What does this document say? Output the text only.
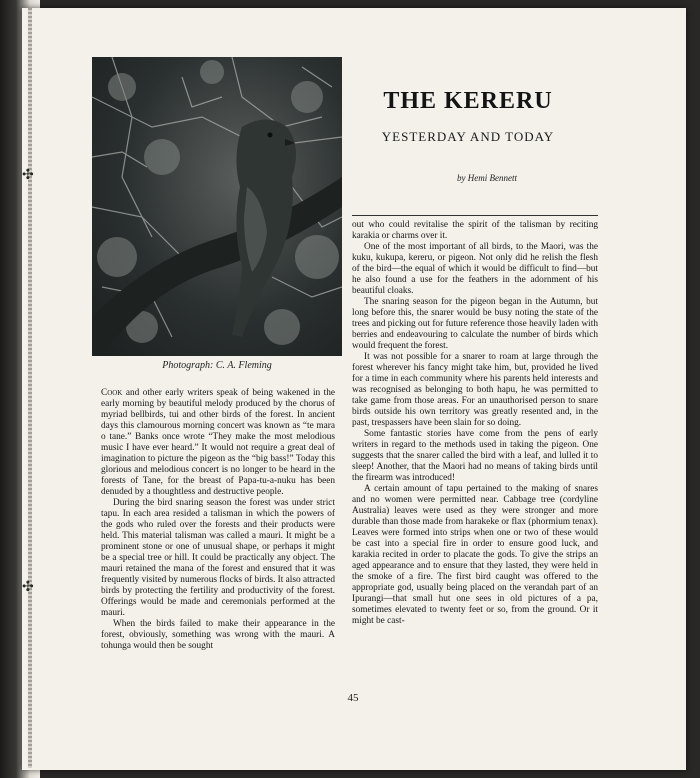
✣
✣
Photograph: C. A. Fleming
THE KERERU
YESTERDAY AND TODAY
by Hemi Bennett

Cook and other early writers speak of being wakened in the early morning by beautiful melody produced by the chorus of myriad bellbirds, tui and other birds of the forest. In ancient days this clamourous morning concert was known as “te mara o tane.” Banks once wrote “They make the most melodious music I have ever heard.” It would not require a great deal of imagination to picture the pigeon as the “big bass!” Today this glorious and melodious concert is no longer to be heard in the forests of Tane, for the breast of Papa-tu-a-nuku has been denuded by a thoughtless and destructive people.

During the bird snaring season the forest was under strict tapu. In each area resided a talisman in which the powers of the gods who ruled over the forests and their products were held. This material talisman was called a mauri. It might be a prominent stone or one of unusual shape, or perhaps it might be a special tree or hill. It could be practically any object. The mauri retained the mana of the forest and ensured that it was frequently visited by numerous flocks of birds. It also attracted birds by protecting the fertility and productivity of the forest. Offerings would be made and ceremonials performed at the mauri.

When the birds failed to make their appearance in the forest, obviously, something was wrong with the mauri. A tohunga would then be sought

out who could revitalise the spirit of the talisman by reciting karakia or charms over it.

One of the most important of all birds, to the Maori, was the kuku, kukupa, kereru, or pigeon. Not only did he relish the flesh of the bird—the equal of which it would be difficult to find—but he also found a use for the feathers in the adornment of his beautiful cloaks.

The snaring season for the pigeon began in the Autumn, but long before this, the snarer would be busy noting the state of the trees and picking out for future reference those heavily laden with berries and endeavouring to calculate the number of birds which would frequent the forest.

It was not possible for a snarer to roam at large through the forest wherever his fancy might take him, but, provided he lived for a time in each community where his parents held interests and was recognised as belonging to both hapu, he was permitted to take game from those areas. For an unauthorised person to snare birds outside his own territory was greatly resented and, in the past, trespassers have been slain for so doing.

Some fantastic stories have come from the pens of early writers in regard to the methods used in taking the pigeon. One suggests that the snarer called the bird with a leaf, and lulled it to sleep! Another, that the Maori had no means of taking birds until the firearm was introduced!

A certain amount of tapu pertained to the making of snares and no women were permitted near. Cabbage tree (cordyline Australia) leaves were used as they were stronger and more durable than those made from harakeke or flax (phormium tenax). Leaves were formed into strips when one or two of these would be cast into a special fire in order to ensure good luck, and karakia recited in order to placate the gods. To give the strips an aged appearance and to ensure that they lasted, they were held in the smoke of a fire. The first bird caught was offered to the appropriate god, usually being placed on the verandah part of an Ipurangi—that small hut one sees in old pictures of a pa, sometimes elevated to twenty feet or so, from the ground. Or it might be cast-

45
